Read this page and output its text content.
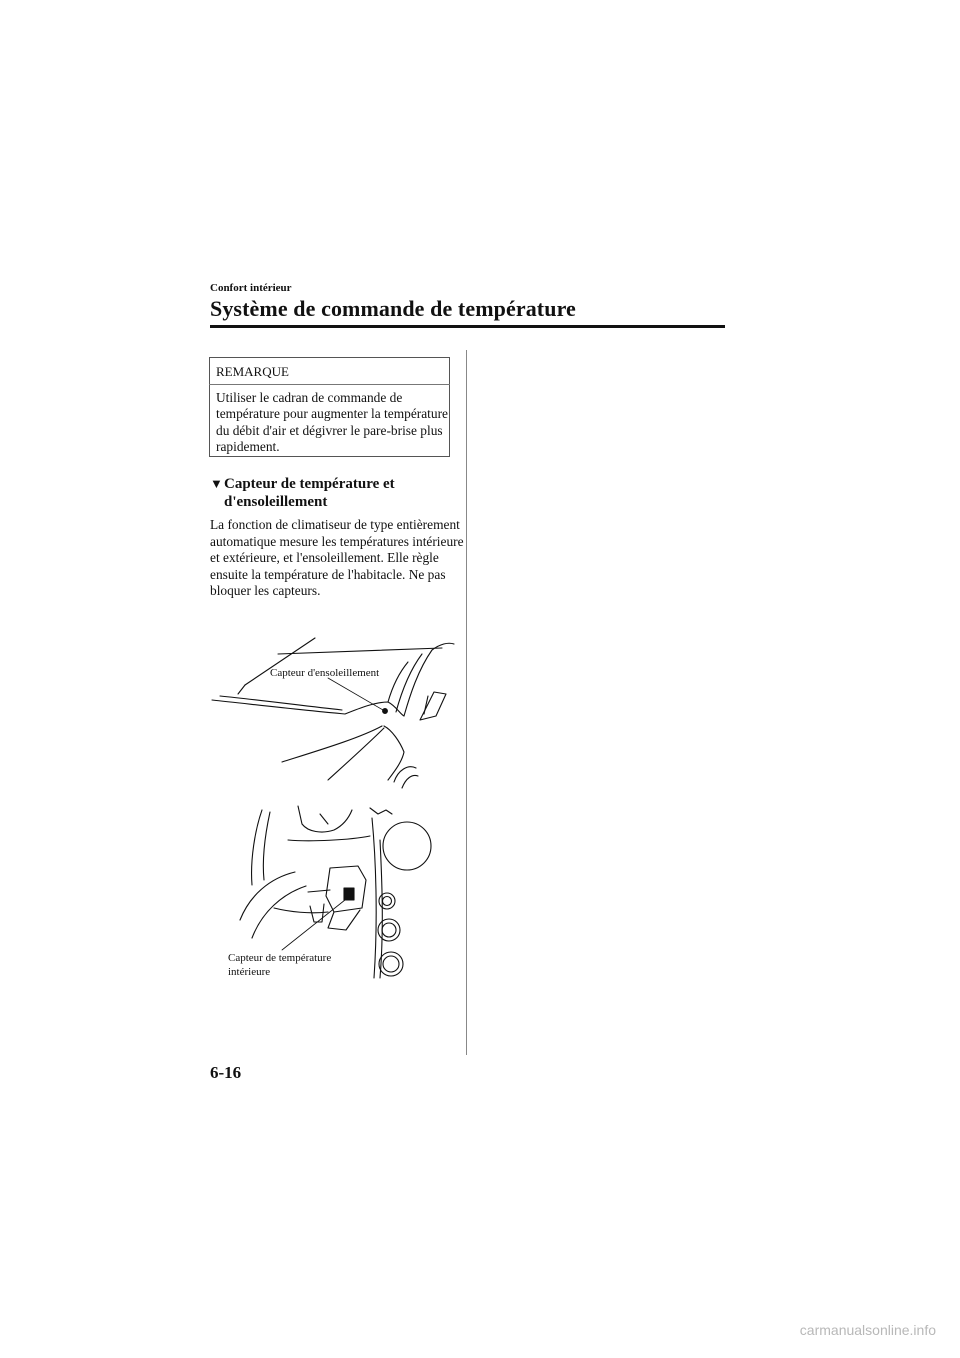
Confort intérieur
Système de commande de température
REMARQUE
Utiliser le cadran de commande de température pour augmenter la température du débit d'air et dégivrer le pare-brise plus rapidement.
▼Capteur de température et
d'ensoleillement
La fonction de climatiseur de type entièrement automatique mesure les températures intérieure et extérieure, et l'ensoleillement. Elle règle ensuite la température de l'habitacle. Ne pas bloquer les capteurs.
Capteur d'ensoleillement
Capteur de température
intérieure
6-16
carmanualsonline.info
